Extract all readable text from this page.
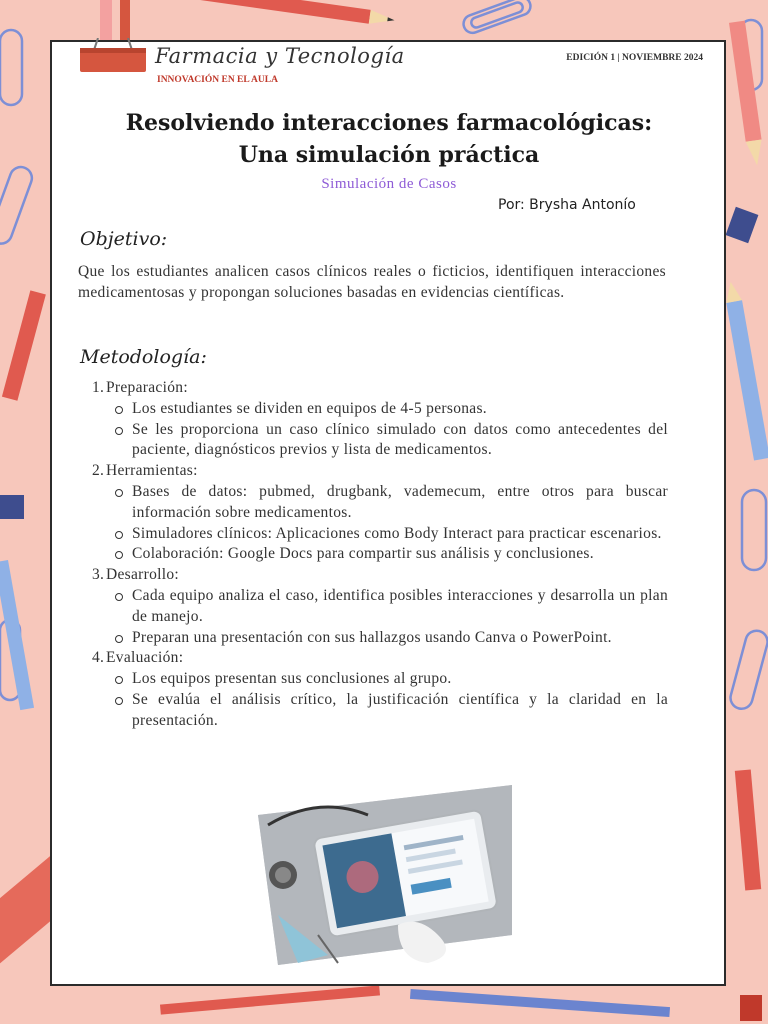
Farmacia y Tecnología
INNOVACIÓN EN EL AULA
EDICIÓN 1 | NOVIEMBRE 2024
Resolviendo interacciones farmacológicas:
Una simulación práctica
Simulación de Casos
Por: Brysha Antonío
Objetivo:
Que los estudiantes analicen casos clínicos reales o ficticios, identifiquen interacciones medicamentosas y propongan soluciones basadas en evidencias científicas.
Metodología:
1. Preparación:
Los estudiantes se dividen en equipos de 4-5 personas.
Se les proporciona un caso clínico simulado con datos como antecedentes del paciente, diagnósticos previos y lista de medicamentos.
2. Herramientas:
Bases de datos: pubmed, drugbank, vademecum, entre otros para buscar información sobre medicamentos.
Simuladores clínicos: Aplicaciones como Body Interact para practicar escenarios.
Colaboración: Google Docs para compartir sus análisis y conclusiones.
3. Desarrollo:
Cada equipo analiza el caso, identifica posibles interacciones y desarrolla un plan de manejo.
Preparan una presentación con sus hallazgos usando Canva o PowerPoint.
4. Evaluación:
Los equipos presentan sus conclusiones al grupo.
Se evalúa el análisis crítico, la justificación científica y la claridad en la presentación.
